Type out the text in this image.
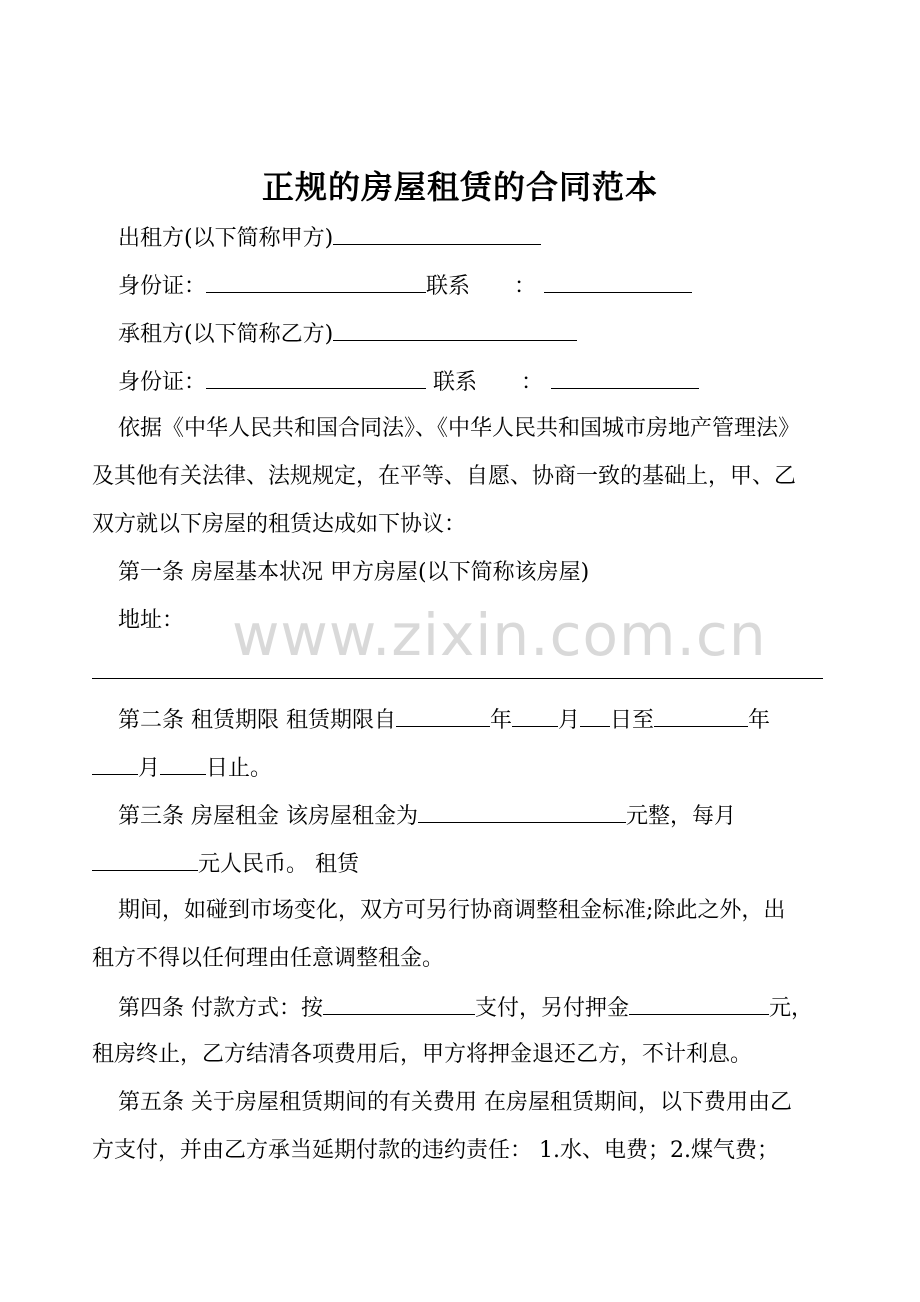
www.zixin.com.cn
正规的房屋租赁的合同范本
出租方(以下简称甲方)
身份证：	联系　　：
承租方(以下简称乙方)
身份证：	联系　　：
依据《中华人民共和国合同法》、《中华人民共和国城市房地产管理法》
及其他有关法律、法规规定，在平等、自愿、协商一致的基础上，甲、乙
双方就以下房屋的租赁达成如下协议：
第一条 房屋基本状况 甲方房屋(以下简称该房屋)
地址：
第二条 租赁期限 租赁期限自	年 月 日至	年
月 日止。
第三条 房屋租金 该房屋租金为	元整，每月
元人民币。 租赁
期间，如碰到市场变化，双方可另行协商调整租金标准;除此之外，出
租方不得以任何理由任意调整租金。
第四条 付款方式：按	支付，另付押金	元，
租房终止，乙方结清各项费用后，甲方将押金退还乙方，不计利息。
第五条 关于房屋租赁期间的有关费用 在房屋租赁期间，以下费用由乙
方支付，并由乙方承当延期付款的违约责任： 1.水、电费；2.煤气费；
